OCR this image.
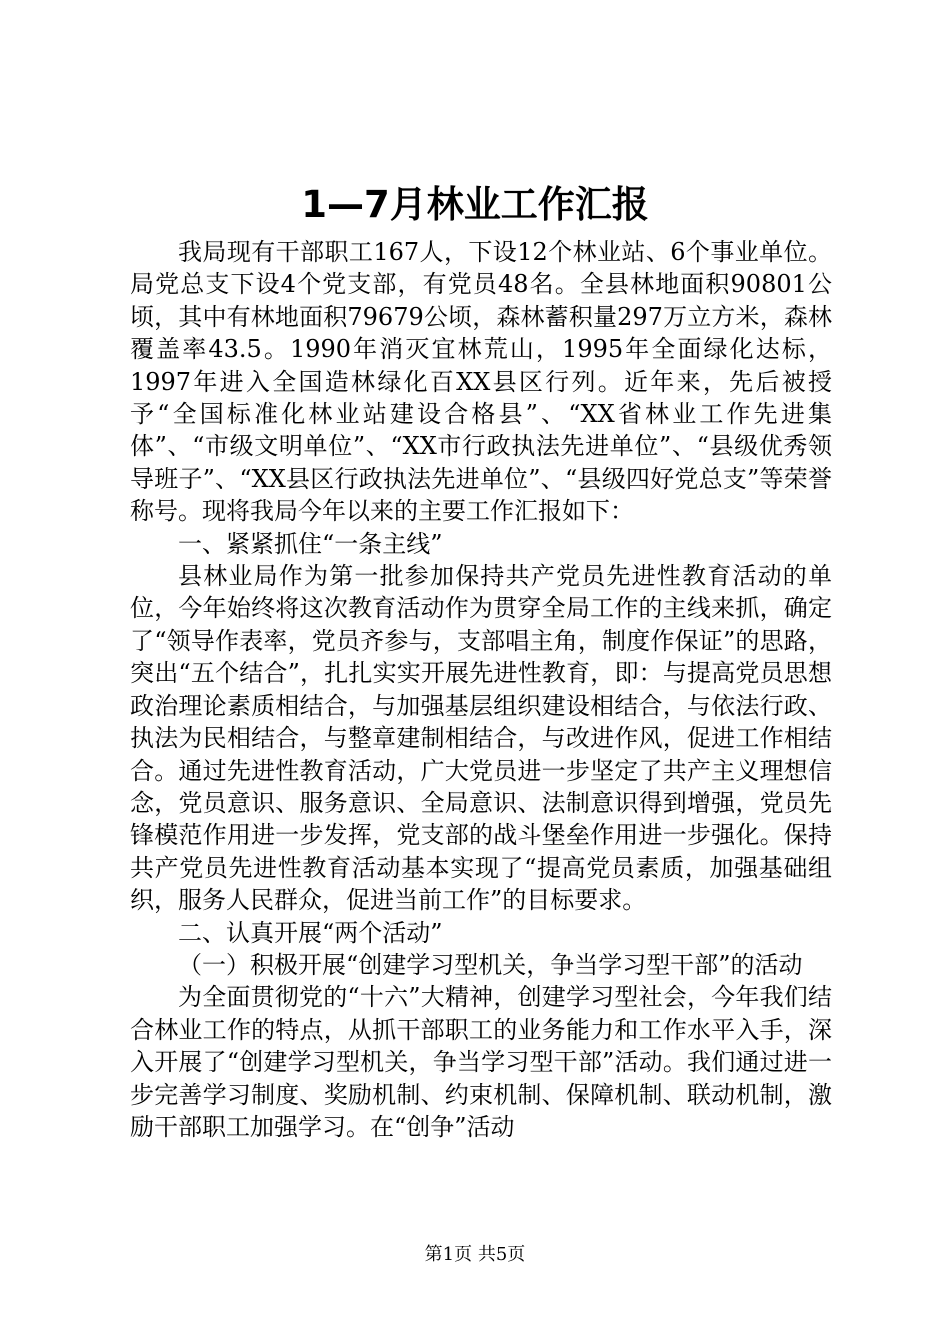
1—7月林业工作汇报

我局现有干部职工167人，下设12个林业站、6个事业单位。局党总支下设4个党支部，有党员48名。全县林地面积90801公顷，其中有林地面积79679公顷，森林蓄积量297万立方米，森林覆盖率43.5。1990年消灭宜林荒山，1995年全面绿化达标，1997年进入全国造林绿化百XX县区行列。近年来，先后被授予“全国标准化林业站建设合格县”、“XX省林业工作先进集体”、“市级文明单位”、“XX市行政执法先进单位”、“县级优秀领导班子”、“XX县区行政执法先进单位”、“县级四好党总支”等荣誉称号。现将我局今年以来的主要工作汇报如下：

一、紧紧抓住“一条主线”

县林业局作为第一批参加保持共产党员先进性教育活动的单位，今年始终将这次教育活动作为贯穿全局工作的主线来抓，确定了“领导作表率，党员齐参与，支部唱主角，制度作保证”的思路，突出“五个结合”，扎扎实实开展先进性教育，即：与提高党员思想政治理论素质相结合，与加强基层组织建设相结合，与依法行政、执法为民相结合，与整章建制相结合，与改进作风，促进工作相结合。通过先进性教育活动，广大党员进一步坚定了共产主义理想信念，党员意识、服务意识、全局意识、法制意识得到增强，党员先锋模范作用进一步发挥，党支部的战斗堡垒作用进一步强化。保持共产党员先进性教育活动基本实现了“提高党员素质，加强基础组织，服务人民群众，促进当前工作”的目标要求。

二、认真开展“两个活动”

（一）积极开展“创建学习型机关，争当学习型干部”的活动

为全面贯彻党的“十六”大精神，创建学习型社会，今年我们结合林业工作的特点，从抓干部职工的业务能力和工作水平入手，深入开展了“创建学习型机关，争当学习型干部”活动。我们通过进一步完善学习制度、奖励机制、约束机制、保障机制、联动机制，激励干部职工加强学习。在“创争”活动

第1页 共5页
